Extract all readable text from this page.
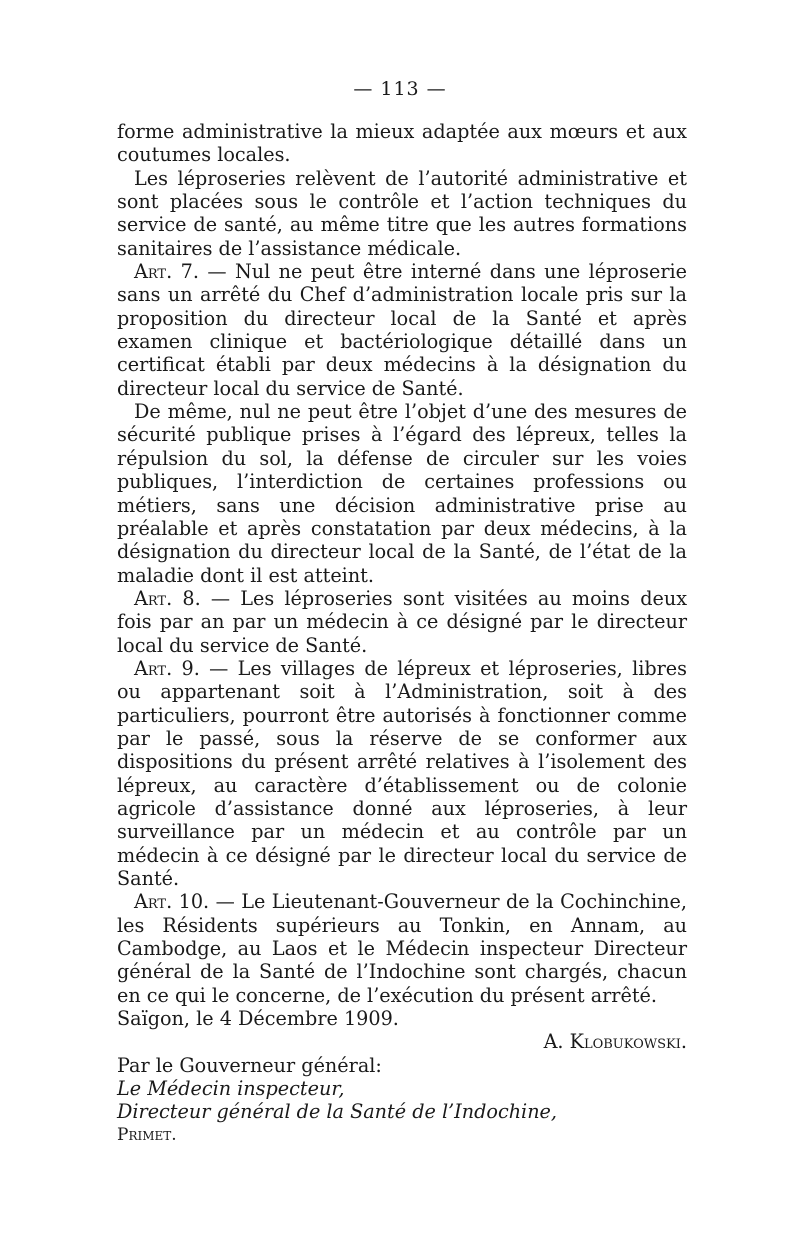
— 113 —

forme administrative la mieux adaptée aux mœurs et aux coutumes locales.

Les léproseries relèvent de l’autorité administrative et sont placées sous le contrôle et l’action techniques du service de santé, au même titre que les autres formations sanitaires de l’assistance médicale.

Art. 7. — Nul ne peut être interné dans une léproserie sans un arrêté du Chef d’administration locale pris sur la proposition du directeur local de la Santé et après examen clinique et bactériologique détaillé dans un certificat établi par deux médecins à la désignation du directeur local du service de Santé.

De même, nul ne peut être l’objet d’une des mesures de sécurité publique prises à l’égard des lépreux, telles la répulsion du sol, la défense de circuler sur les voies publiques, l’interdiction de certaines professions ou métiers, sans une décision administrative prise au préalable et après constatation par deux médecins, à la désignation du directeur local de la Santé, de l’état de la maladie dont il est atteint.

Art. 8. — Les léproseries sont visitées au moins deux fois par an par un médecin à ce désigné par le directeur local du service de Santé.

Art. 9. — Les villages de lépreux et léproseries, libres ou appartenant soit à l’Administration, soit à des particuliers, pourront être autorisés à fonctionner comme par le passé, sous la réserve de se conformer aux dispositions du présent arrêté relatives à l’isolement des lépreux, au caractère d’établissement ou de colonie agricole d’assistance donné aux léproseries, à leur surveillance par un médecin et au contrôle par un médecin à ce désigné par le directeur local du service de Santé.

Art. 10. — Le Lieutenant-Gouverneur de la Cochinchine, les Résidents supérieurs au Tonkin, en Annam, au Cambodge, au Laos et le Médecin inspecteur Directeur général de la Santé de l’Indochine sont chargés, chacun en ce qui le concerne, de l’exécution du présent arrêté.

Saïgon, le 4 Décembre 1909.

A. Klobukowski.

Par le Gouverneur général:

Le Médecin inspecteur,

Directeur général de la Santé de l’Indochine,

Primet.
